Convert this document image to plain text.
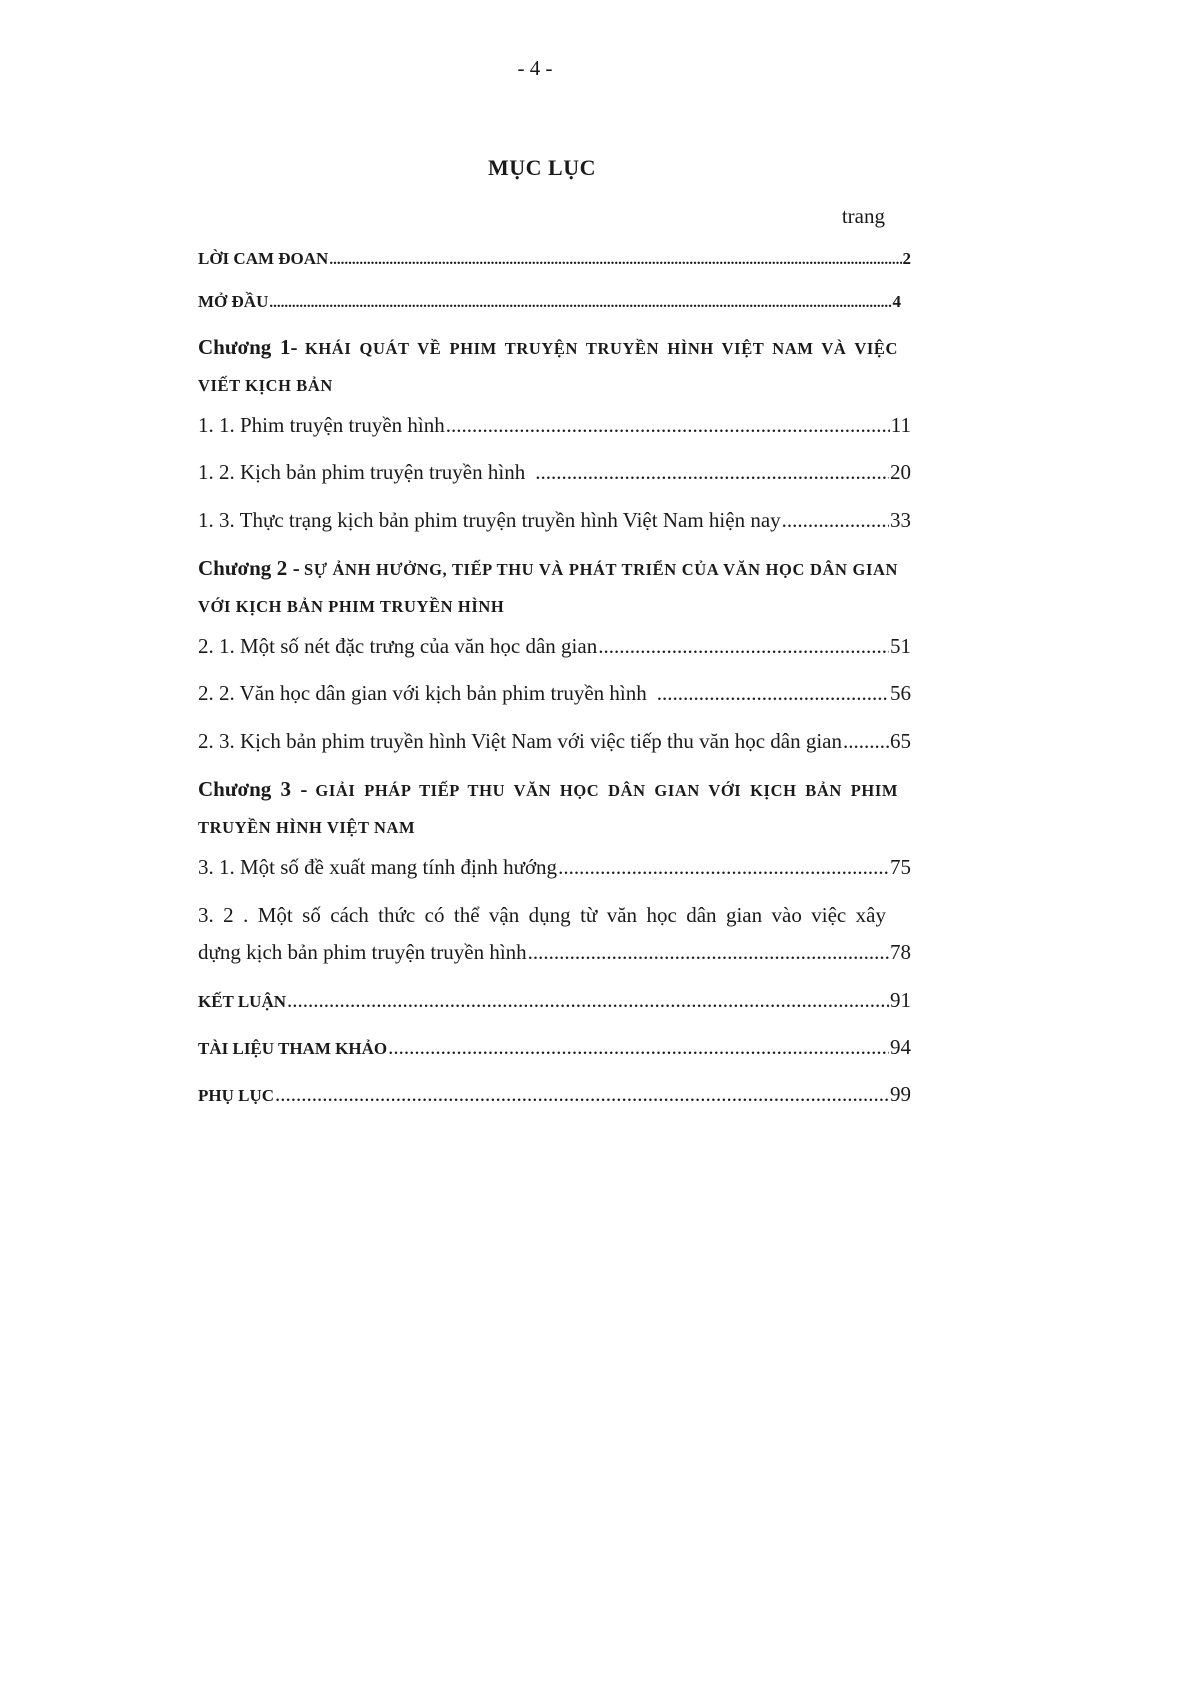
- 4 -
MỤC LỤC
trang
LỜI CAM ĐOAN .....	2
MỞ ĐẦU .....	4
Chương 1- KHÁI QUÁT VỀ PHIM TRUYỆN TRUYỀN HÌNH VIỆT NAM VÀ VIỆC VIẾT KỊCH BẢN
1. 1. Phim truyện truyền hình .....	11
1. 2. Kịch bản phim truyện truyền hình .....	20
1. 3. Thực trạng kịch bản phim truyện truyền hình Việt Nam hiện nay .....	33
Chương 2 - SỰ ẢNH HƯỞNG, TIẾP THU VÀ PHÁT TRIỂN CỦA VĂN HỌC DÂN GIAN VỚI KỊCH BẢN PHIM TRUYỀN HÌNH
2. 1. Một số nét đặc trưng của văn học dân gian .....	51
2. 2. Văn học dân gian với kịch bản phim truyền hình .....	56
2. 3. Kịch bản phim truyền hình Việt Nam với việc tiếp thu văn học dân gian ..... 65
Chương 3 - GIẢI PHÁP TIẾP THU VĂN HỌC DÂN GIAN VỚI KỊCH BẢN PHIM TRUYỀN HÌNH VIỆT NAM
3. 1. Một số đề xuất mang tính định hướng .....	75
3. 2 . Một số cách thức có thể vận dụng từ văn học dân gian vào việc xây
dựng kịch bản phim truyện truyền hình .....	78
KẾT LUẬN .....	91
TÀI LIỆU THAM KHẢO .....	94
PHỤ LỤC .....	99
